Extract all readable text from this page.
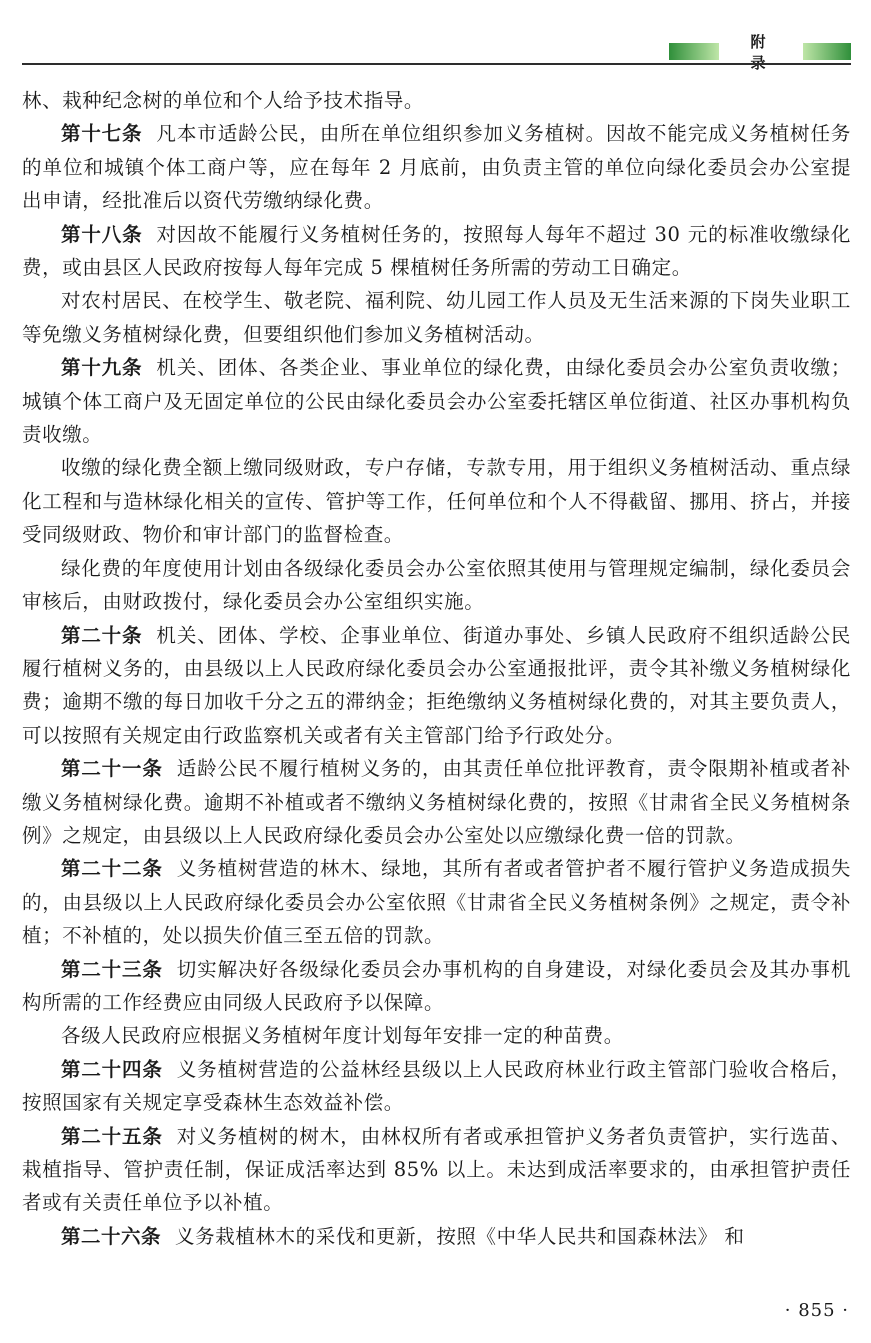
附

林、栽种纪念树的单位和个人给予技术指导。

第十七条 凡本市适龄公民，由所在单位组织参加义务植树。因故不能完成义务植树任务的单位和城镇个体工商户等，应在每年 2 月底前，由负责主管的单位向绿化委员会办公室提出申请，经批准后以资代劳缴纳绿化费。

第十八条 对因故不能履行义务植树任务的，按照每人每年不超过 30 元的标准收缴绿化费，或由县区人民政府按每人每年完成 5 棵植树任务所需的劳动工日确定。

对农村居民、在校学生、敬老院、福利院、幼儿园工作人员及无生活来源的下岗失业职工等免缴义务植树绿化费，但要组织他们参加义务植树活动。

第十九条 机关、团体、各类企业、事业单位的绿化费，由绿化委员会办公室负责收缴；城镇个体工商户及无固定单位的公民由绿化委员会办公室委托辖区单位街道、社区办事机构负责收缴。

收缴的绿化费全额上缴同级财政，专户存储，专款专用，用于组织义务植树活动、重点绿化工程和与造林绿化相关的宣传、管护等工作，任何单位和个人不得截留、挪用、挤占，并接受同级财政、物价和审计部门的监督检查。

绿化费的年度使用计划由各级绿化委员会办公室依照其使用与管理规定编制，绿化委员会审核后，由财政拨付，绿化委员会办公室组织实施。

第二十条 机关、团体、学校、企事业单位、街道办事处、乡镇人民政府不组织适龄公民履行植树义务的，由县级以上人民政府绿化委员会办公室通报批评，责令其补缴义务植树绿化费；逾期不缴的每日加收千分之五的滞纳金；拒绝缴纳义务植树绿化费的，对其主要负责人，可以按照有关规定由行政监察机关或者有关主管部门给予行政处分。

第二十一条 适龄公民不履行植树义务的，由其责任单位批评教育，责令限期补植或者补缴义务植树绿化费。逾期不补植或者不缴纳义务植树绿化费的，按照《甘肃省全民义务植树条例》之规定，由县级以上人民政府绿化委员会办公室处以应缴绿化费一倍的罚款。

第二十二条 义务植树营造的林木、绿地，其所有者或者管护者不履行管护义务造成损失的，由县级以上人民政府绿化委员会办公室依照《甘肃省全民义务植树条例》之规定，责令补植；不补植的，处以损失价值三至五倍的罚款。

第二十三条 切实解决好各级绿化委员会办事机构的自身建设，对绿化委员会及其办事机构所需的工作经费应由同级人民政府予以保障。

各级人民政府应根据义务植树年度计划每年安排一定的种苗费。

第二十四条 义务植树营造的公益林经县级以上人民政府林业行政主管部门验收合格后，按照国家有关规定享受森林生态效益补偿。

第二十五条 对义务植树的树木，由林权所有者或承担管护义务者负责管护，实行选苗、栽植指导、管护责任制，保证成活率达到 85% 以上。未达到成活率要求的，由承担管护责任者或有关责任单位予以补植。

第二十六条 义务栽植林木的采伐和更新，按照《中华人民共和国森林法》 和

· 855 ·
